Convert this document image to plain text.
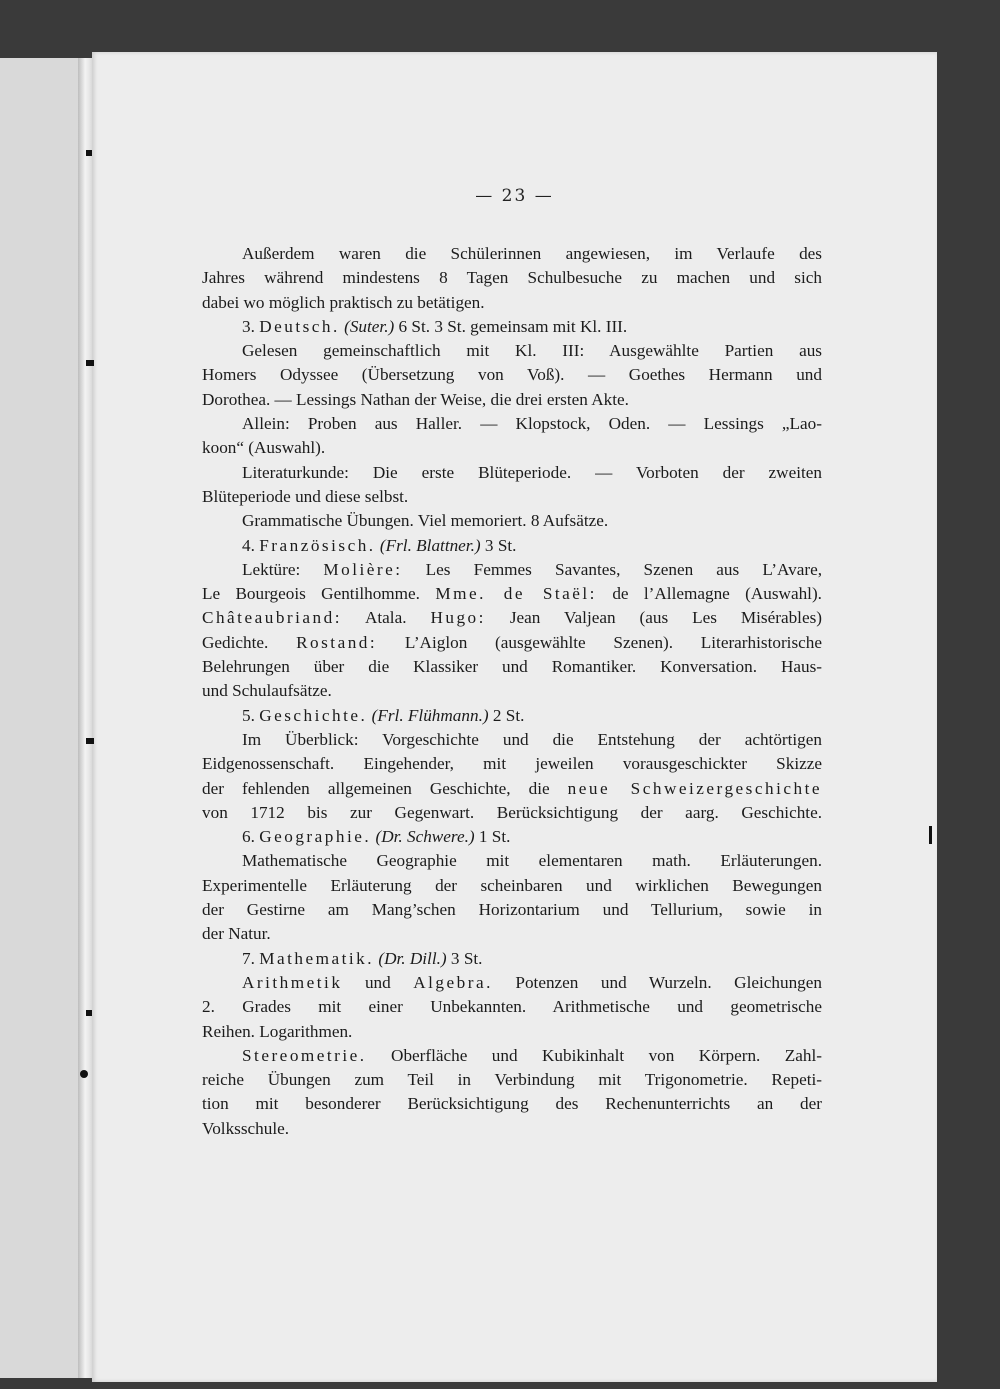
— 23 —
Außerdem waren die Schülerinnen angewiesen, im Verlaufe des
Jahres während mindestens 8 Tagen Schulbesuche zu machen und sich
dabei wo möglich praktisch zu betätigen.
3. Deutsch. (Suter.) 6 St. 3 St. gemeinsam mit Kl. III.
Gelesen gemeinschaftlich mit Kl. III: Ausgewählte Partien aus
Homers Odyssee (Übersetzung von Voß). — Goethes Hermann und
Dorothea. — Lessings Nathan der Weise, die drei ersten Akte.
Allein: Proben aus Haller. — Klopstock, Oden. — Lessings „Lao-
koon“ (Auswahl).
Literaturkunde: Die erste Blüteperiode. — Vorboten der zweiten
Blüteperiode und diese selbst.
Grammatische Übungen. Viel memoriert. 8 Aufsätze.
4. Französisch. (Frl. Blattner.) 3 St.
Lektüre: Molière: Les Femmes Savantes, Szenen aus L’Avare,
Le Bourgeois Gentilhomme. Mme. de Staël: de l’Allemagne (Auswahl).
Châteaubriand: Atala. Hugo: Jean Valjean (aus Les Misérables)
Gedichte. Rostand: L’Aiglon (ausgewählte Szenen). Literarhistorische
Belehrungen über die Klassiker und Romantiker. Konversation. Haus-
und Schulaufsätze.
5. Geschichte. (Frl. Flühmann.) 2 St.
Im Überblick: Vorgeschichte und die Entstehung der achtörtigen
Eidgenossenschaft. Eingehender, mit jeweilen vorausgeschickter Skizze
der fehlenden allgemeinen Geschichte, die neue Schweizergeschichte
von 1712 bis zur Gegenwart. Berücksichtigung der aarg. Geschichte.
6. Geographie. (Dr. Schwere.) 1 St.
Mathematische Geographie mit elementaren math. Erläuterungen.
Experimentelle Erläuterung der scheinbaren und wirklichen Bewegungen
der Gestirne am Mang’schen Horizontarium und Tellurium, sowie in
der Natur.
7. Mathematik. (Dr. Dill.) 3 St.
Arithmetik und Algebra. Potenzen und Wurzeln. Gleichungen
2. Grades mit einer Unbekannten. Arithmetische und geometrische
Reihen. Logarithmen.
Stereometrie. Oberfläche und Kubikinhalt von Körpern. Zahl-
reiche Übungen zum Teil in Verbindung mit Trigonometrie. Repeti-
tion mit besonderer Berücksichtigung des Rechenunterrichts an der
Volksschule.
